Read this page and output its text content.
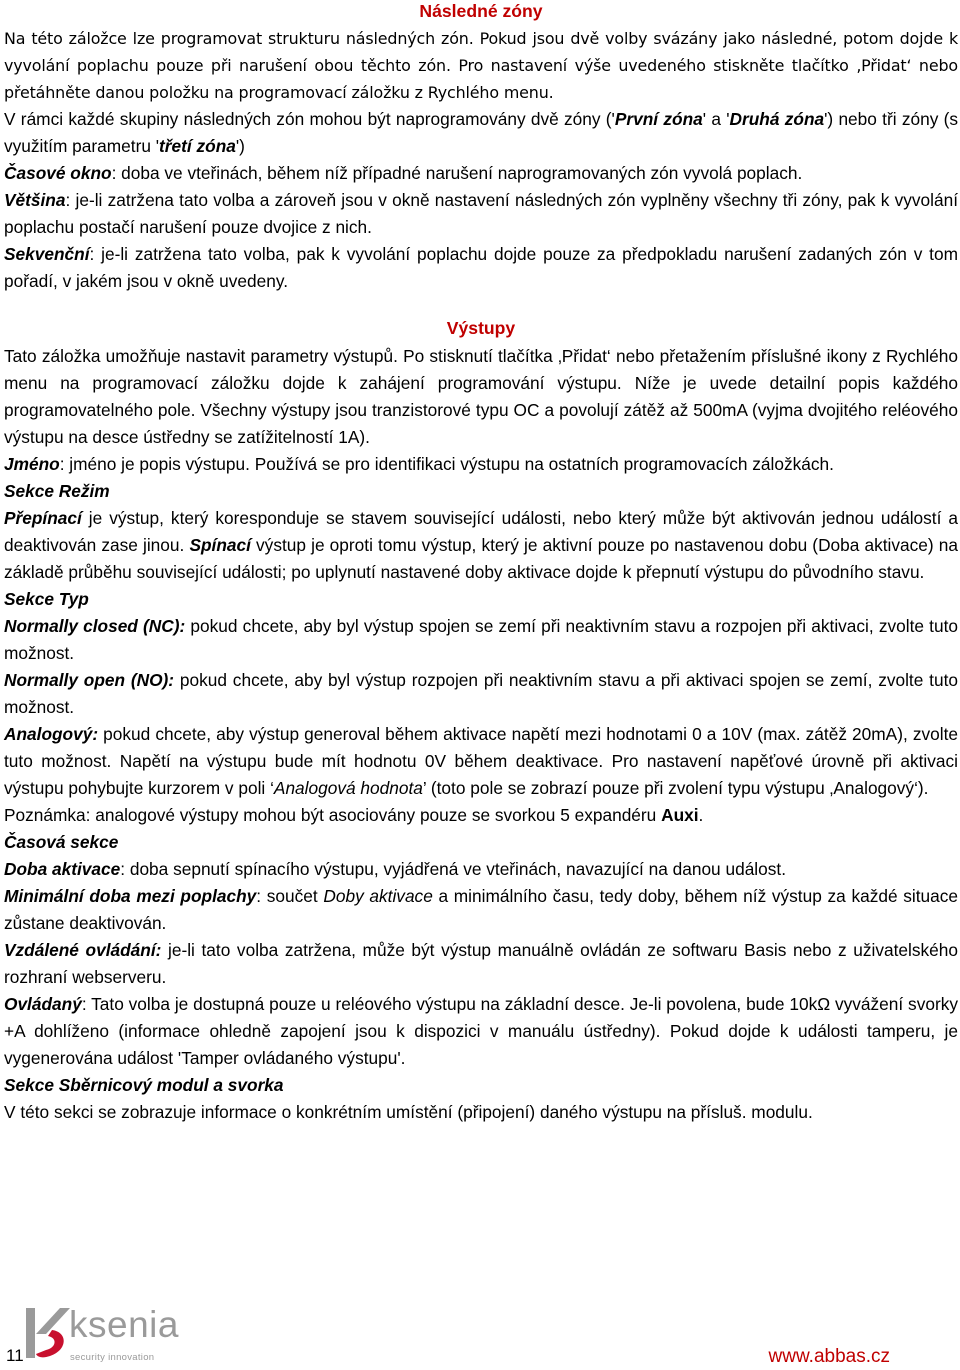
Následné zóny

Na této záložce lze programovat strukturu následných zón. Pokud jsou dvě volby svázány jako následné, potom dojde k vyvolání poplachu pouze při narušení obou těchto zón. Pro nastavení výše uvedeného stiskněte tlačítko ‚Přidat‘ nebo přetáhněte danou položku na programovací záložku z Rychlého menu.

V rámci každé skupiny následných zón mohou být naprogramovány dvě zóny ('První zóna' a 'Druhá zóna') nebo tři zóny (s využitím parametru 'třetí zóna')

Časové okno: doba ve vteřinách, během níž případné narušení naprogramovaných zón vyvolá poplach.

Většina: je-li zatržena tato volba a zároveň jsou v okně nastavení následných zón vyplněny všechny tři zóny, pak k vyvolání poplachu postačí narušení pouze dvojice z nich.

Sekvenční: je-li zatržena tato volba, pak k vyvolání poplachu dojde pouze za předpokladu narušení zadaných zón v tom pořadí, v jakém jsou v okně uvedeny.

Výstupy

Tato záložka umožňuje nastavit parametry výstupů. Po stisknutí tlačítka ‚Přidat‘ nebo přetažením příslušné ikony z Rychlého menu na programovací záložku dojde k zahájení programování výstupu. Níže je uvede detailní popis každého programovatelného pole. Všechny výstupy jsou tranzistorové typu OC a povolují zátěž až 500mA (vyjma dvojitého reléového výstupu na desce ústředny se zatížitelností 1A).

Jméno: jméno je popis výstupu. Používá se pro identifikaci výstupu na ostatních programovacích záložkách.

Sekce Režim

Přepínací je výstup, který koresponduje se stavem související události, nebo který může být aktivován jednou událostí a deaktivován zase jinou. Spínací výstup je oproti tomu výstup, který je aktivní pouze po nastavenou dobu (Doba aktivace) na základě průběhu související události; po uplynutí nastavené doby aktivace dojde k přepnutí výstupu do původního stavu.

Sekce Typ

Normally closed (NC): pokud chcete, aby byl výstup spojen se zemí při neaktivním stavu a rozpojen při aktivaci, zvolte tuto možnost.

Normally open (NO): pokud chcete, aby byl výstup rozpojen při neaktivním stavu a při aktivaci spojen se zemí, zvolte tuto možnost.

Analogový: pokud chcete, aby výstup generoval během aktivace napětí mezi hodnotami 0 a 10V (max. zátěž 20mA), zvolte tuto možnost. Napětí na výstupu bude mít hodnotu 0V během deaktivace. Pro nastavení napěťové úrovně při aktivaci výstupu pohybujte kurzorem v poli ‘Analogová hodnota’ (toto pole se zobrazí pouze při zvolení typu výstupu ‚Analogový‘).

Poznámka: analogové výstupy mohou být asociovány pouze se svorkou 5 expandéru Auxi.

Časová sekce

Doba aktivace: doba sepnutí spínacího výstupu, vyjádřená ve vteřinách, navazující na danou událost.

Minimální doba mezi poplachy: součet Doby aktivace a minimálního času, tedy doby, během níž výstup za každé situace zůstane deaktivován.

Vzdálené ovládání: je-li tato volba zatržena, může být výstup manuálně ovládán ze softwaru Basis nebo z uživatelského rozhraní webserveru.

Ovládaný: Tato volba je dostupná pouze u reléového výstupu na základní desce. Je-li povolena, bude 10kΩ vyvážení svorky +A dohlíženo (informace ohledně zapojení jsou k dispozici v manuálu ústředny). Pokud dojde k události tamperu, je vygenerována událost 'Tamper ovládaného výstupu'.

Sekce Sběrnicový modul a svorka

V této sekci se zobrazuje informace o konkrétním umístění (připojení) daného výstupu na přísluš. modulu.

ksenia
security innovation
11	www.abbas.cz
